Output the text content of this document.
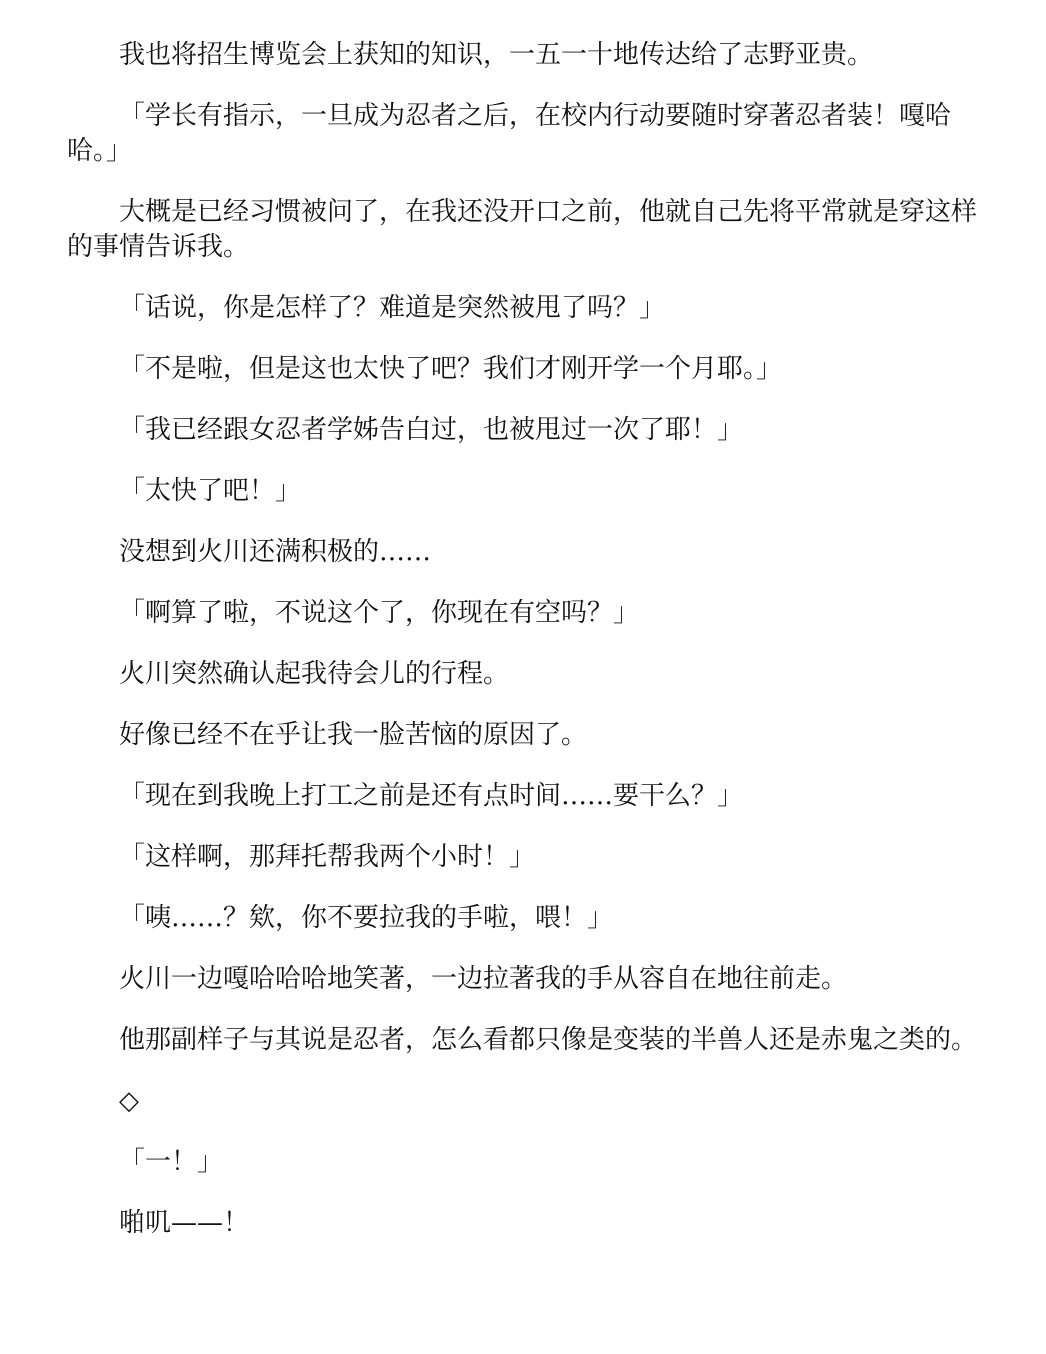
我也将招生博览会上获知的知识，一五一十地传达给了志野亚贵。

「学长有指示，一旦成为忍者之后，在校内行动要随时穿著忍者装！嘎哈哈。」

大概是已经习惯被问了，在我还没开口之前，他就自己先将平常就是穿这样的事情告诉我。

「话说，你是怎样了？难道是突然被甩了吗？」

「不是啦，但是这也太快了吧？我们才刚开学一个月耶。」

「我已经跟女忍者学姊告白过，也被甩过一次了耶！」

「太快了吧！」

没想到火川还满积极的……

「啊算了啦，不说这个了，你现在有空吗？」

火川突然确认起我待会儿的行程。

好像已经不在乎让我一脸苦恼的原因了。

「现在到我晚上打工之前是还有点时间……要干么？」

「这样啊，那拜托帮我两个小时！」

「咦……？欸，你不要拉我的手啦，喂！」

火川一边嘎哈哈哈地笑著，一边拉著我的手从容自在地往前走。

他那副样子与其说是忍者，怎么看都只像是变装的半兽人还是赤鬼之类的。

◇

「一！」

啪叽——！
